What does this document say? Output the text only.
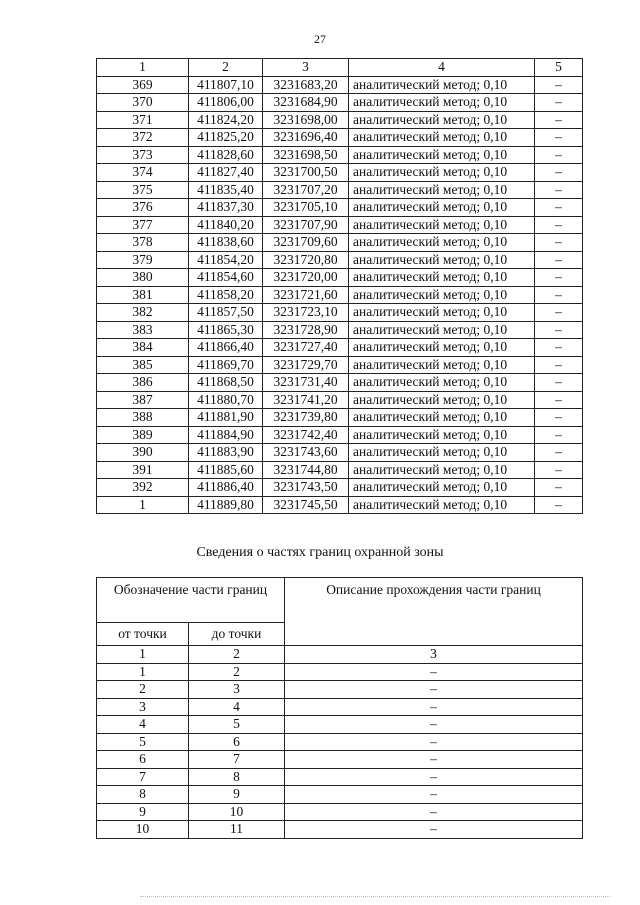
27
1	2	3	4	5
369	411807,10	3231683,20	аналитический метод; 0,10	–
370	411806,00	3231684,90	аналитический метод; 0,10	–
371	411824,20	3231698,00	аналитический метод; 0,10	–
372	411825,20	3231696,40	аналитический метод; 0,10	–
373	411828,60	3231698,50	аналитический метод; 0,10	–
374	411827,40	3231700,50	аналитический метод; 0,10	–
375	411835,40	3231707,20	аналитический метод; 0,10	–
376	411837,30	3231705,10	аналитический метод; 0,10	–
377	411840,20	3231707,90	аналитический метод; 0,10	–
378	411838,60	3231709,60	аналитический метод; 0,10	–
379	411854,20	3231720,80	аналитический метод; 0,10	–
380	411854,60	3231720,00	аналитический метод; 0,10	–
381	411858,20	3231721,60	аналитический метод; 0,10	–
382	411857,50	3231723,10	аналитический метод; 0,10	–
383	411865,30	3231728,90	аналитический метод; 0,10	–
384	411866,40	3231727,40	аналитический метод; 0,10	–
385	411869,70	3231729,70	аналитический метод; 0,10	–
386	411868,50	3231731,40	аналитический метод; 0,10	–
387	411880,70	3231741,20	аналитический метод; 0,10	–
388	411881,90	3231739,80	аналитический метод; 0,10	–
389	411884,90	3231742,40	аналитический метод; 0,10	–
390	411883,90	3231743,60	аналитический метод; 0,10	–
391	411885,60	3231744,80	аналитический метод; 0,10	–
392	411886,40	3231743,50	аналитический метод; 0,10	–
1	411889,80	3231745,50	аналитический метод; 0,10	–
Сведения о частях границ охранной зоны
Обозначение части границ		Описание прохождения части границ
от точки	до точки	
1	2	3
1	2	–
2	3	–
3	4	–
4	5	–
5	6	–
6	7	–
7	8	–
8	9	–
9	10	–
10	11	–
